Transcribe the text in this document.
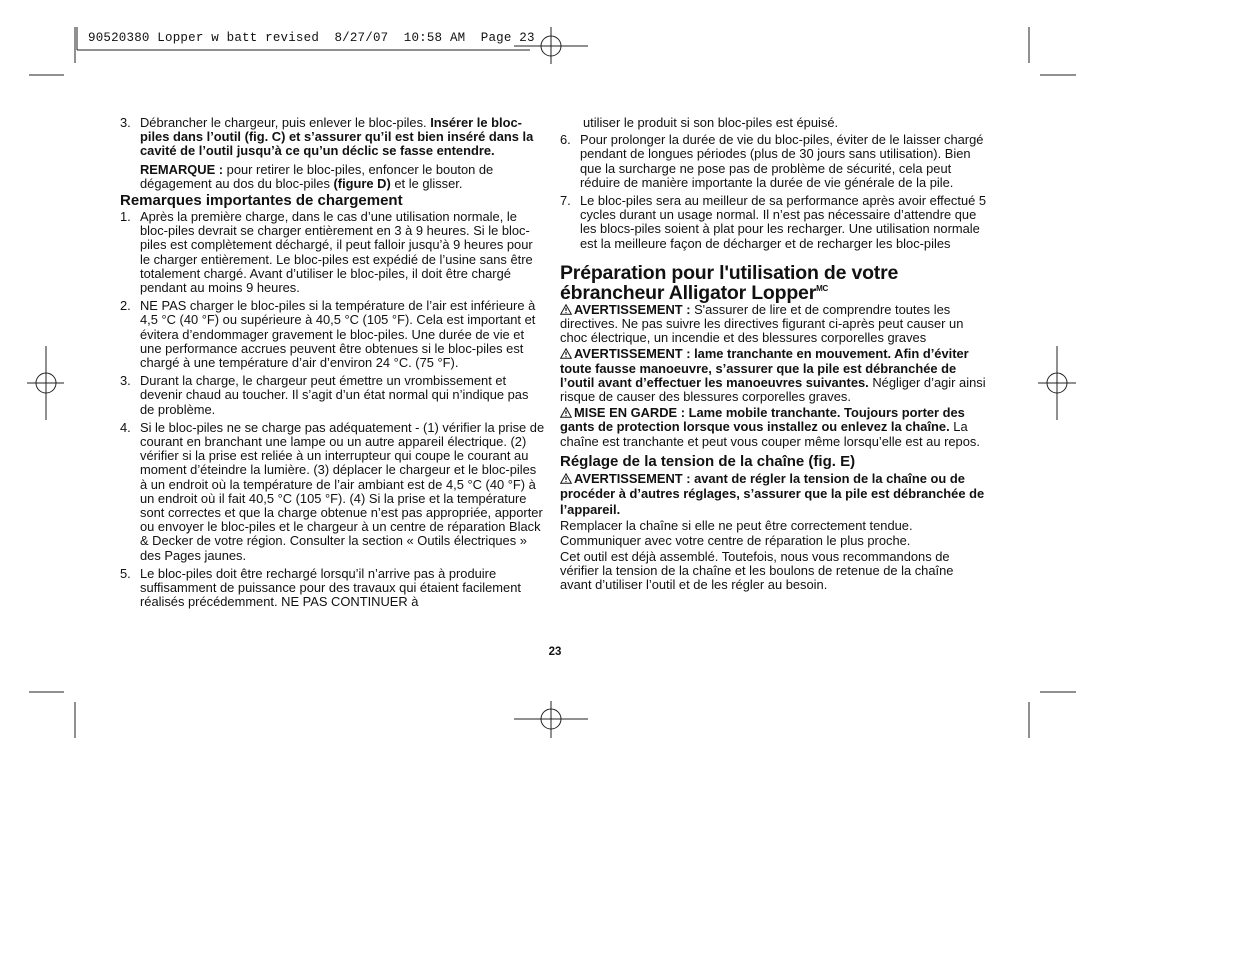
90520380 Lopper w batt revised  8/27/07  10:58 AM  Page 23
3. Débrancher le chargeur, puis enlever le bloc-piles. Insérer le bloc-piles dans l’outil (fig. C) et s’assurer qu’il est bien inséré dans la cavité de l’outil jusqu’à ce qu’un déclic se fasse entendre.

REMARQUE : pour retirer le bloc-piles, enfoncer le bouton de dégagement au dos du bloc-piles (figure D) et le glisser.

Remarques importantes de chargement

1. Après la première charge, dans le cas d’une utilisation normale, le bloc-piles devrait se charger entièrement en 3 à 9 heures. Si le bloc-piles est complètement déchargé, il peut falloir jusqu’à 9 heures pour le charger entièrement. Le bloc-piles est expédié de l’usine sans être totalement chargé. Avant d’utiliser le bloc-piles, il doit être chargé pendant au moins 9 heures.
2. NE PAS charger le bloc-piles si la température de l’air est inférieure à 4,5 °C (40 °F) ou supérieure à 40,5 °C (105 °F). Cela est important et évitera d’endommager gravement le bloc-piles. Une durée de vie et une performance accrues peuvent être obtenues si le bloc-piles est chargé à une température d’air d’environ 24 °C. (75 °F).
3. Durant la charge, le chargeur peut émettre un vrombissement et devenir chaud au toucher. Il s’agit d’un état normal qui n’indique pas de problème.
4. Si le bloc-piles ne se charge pas adéquatement - (1) vérifier la prise de courant en branchant une lampe ou un autre appareil électrique. (2) vérifier si la prise est reliée à un interrupteur qui coupe le courant au moment d’éteindre la lumière. (3) déplacer le chargeur et le bloc-piles à un endroit où la température de l’air ambiant est de 4,5 °C (40 °F) à un endroit où il fait 40,5 °C (105 °F). (4) Si la prise et la température sont correctes et que la charge obtenue n’est pas appropriée, apporter ou envoyer le bloc-piles et le chargeur à un centre de réparation Black & Decker de votre région. Consulter la section « Outils électriques » des Pages jaunes.
5. Le bloc-piles doit être rechargé lorsqu’il n’arrive pas à produire suffisamment de puissance pour des travaux qui étaient facilement réalisés précédemment. NE PAS CONTINUER à

utiliser le produit si son bloc-piles est épuisé.

6. Pour prolonger la durée de vie du bloc-piles, éviter de le laisser chargé pendant de longues périodes (plus de 30 jours sans utilisation). Bien que la surcharge ne pose pas de problème de sécurité, cela peut réduire de manière importante la durée de vie générale de la pile.
7. Le bloc-piles sera au meilleur de sa performance après avoir effectué 5 cycles durant un usage normal. Il n’est pas nécessaire d’attendre que les blocs-piles soient à plat pour les recharger. Une utilisation normale est la meilleure façon de décharger et de recharger les bloc-piles

Préparation pour l'utilisation de votre ébrancheur Alligator Lopper$^{MC}$

AVERTISSEMENT : S'assurer de lire et de comprendre toutes les directives. Ne pas suivre les directives figurant ci-après peut causer un choc électrique, un incendie et des blessures corporelles graves

AVERTISSEMENT : lame tranchante en mouvement. Afin d’éviter toute fausse manoeuvre, s’assurer que la pile est débranchée de l’outil avant d’effectuer les manoeuvres suivantes. Négliger d’agir ainsi risque de causer des blessures corporelles graves.

MISE EN GARDE : Lame mobile tranchante. Toujours porter des gants de protection lorsque vous installez ou enlevez la chaîne. La chaîne est tranchante et peut vous couper même lorsqu’elle est au repos.

Réglage de la tension de la chaîne (fig. E)

AVERTISSEMENT : avant de régler la tension de la chaîne ou de procéder à d’autres réglages, s’assurer que la pile est débranchée de l’appareil.

Remplacer la chaîne si elle ne peut être correctement tendue. Communiquer avec votre centre de réparation le plus proche.

Cet outil est déjà assemblé. Toutefois, nous vous recommandons de vérifier la tension de la chaîne et les boulons de retenue de la chaîne avant d’utiliser l’outil et de les régler au besoin.

23
